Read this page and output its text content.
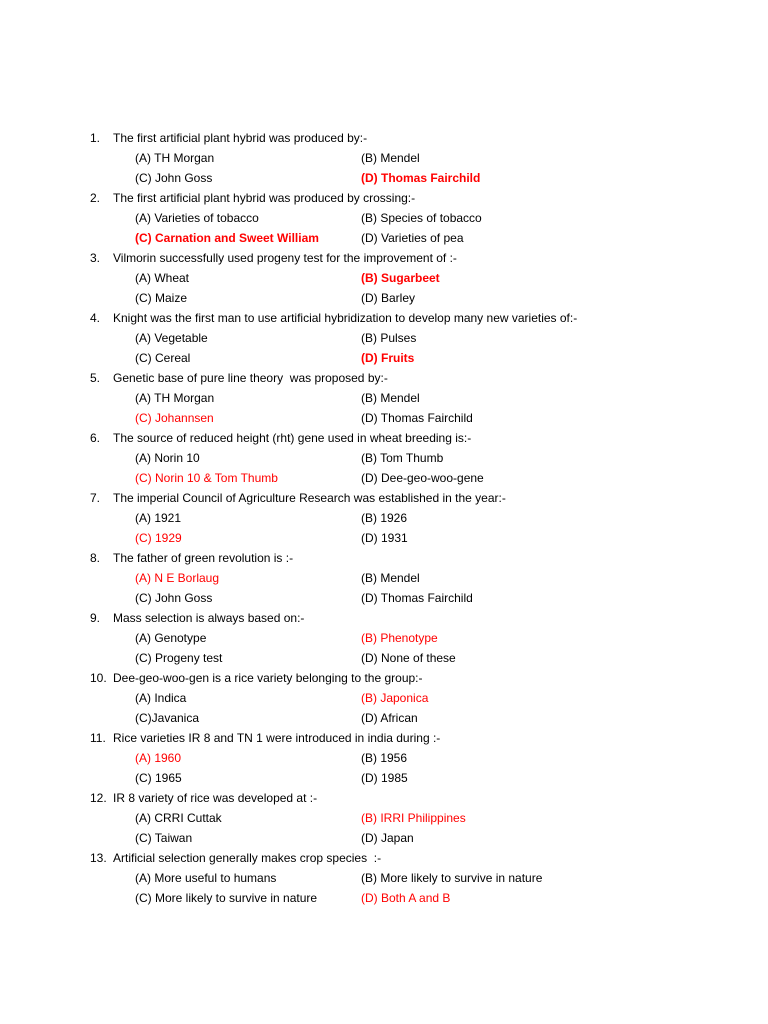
1. The first artificial plant hybrid was produced by:-
(A) TH Morgan	(B) Mendel
(C) John Goss	(D) Thomas Fairchild
2. The first artificial plant hybrid was produced by crossing:-
(A) Varieties of tobacco	(B) Species of tobacco
(C) Carnation and Sweet William	(D) Varieties of pea
3. Vilmorin successfully used progeny test for the improvement of :-
(A) Wheat	(B) Sugarbeet
(C) Maize	(D) Barley
4. Knight was the first man to use artificial hybridization to develop many new varieties of:-
(A) Vegetable	(B) Pulses
(C) Cereal	(D) Fruits
5. Genetic base of pure line theory  was proposed by:-
(A) TH Morgan	(B) Mendel
(C) Johannsen	(D) Thomas Fairchild
6. The source of reduced height (rht) gene used in wheat breeding is:-
(A) Norin 10	(B) Tom Thumb
(C) Norin 10 & Tom Thumb	(D) Dee-geo-woo-gene
7. The imperial Council of Agriculture Research was established in the year:-
(A) 1921	(B) 1926
(C) 1929	(D) 1931
8. The father of green revolution is :-
(A) N E Borlaug	(B) Mendel
(C) John Goss	(D) Thomas Fairchild
9. Mass selection is always based on:-
(A) Genotype	(B) Phenotype
(C) Progeny test	(D) None of these
10. Dee-geo-woo-gen is a rice variety belonging to the group:-
(A) Indica	(B) Japonica
(C)Javanica	(D) African
11. Rice varieties IR 8 and TN 1 were introduced in india during :-
(A) 1960	(B) 1956
(C) 1965	(D) 1985
12. IR 8 variety of rice was developed at :-
(A) CRRI Cuttak	(B) IRRI Philippines
(C) Taiwan	(D) Japan
13. Artificial selection generally makes crop species  :-
(A) More useful to humans	(B) More likely to survive in nature
(C) More likely to survive in nature	(D) Both A and B
